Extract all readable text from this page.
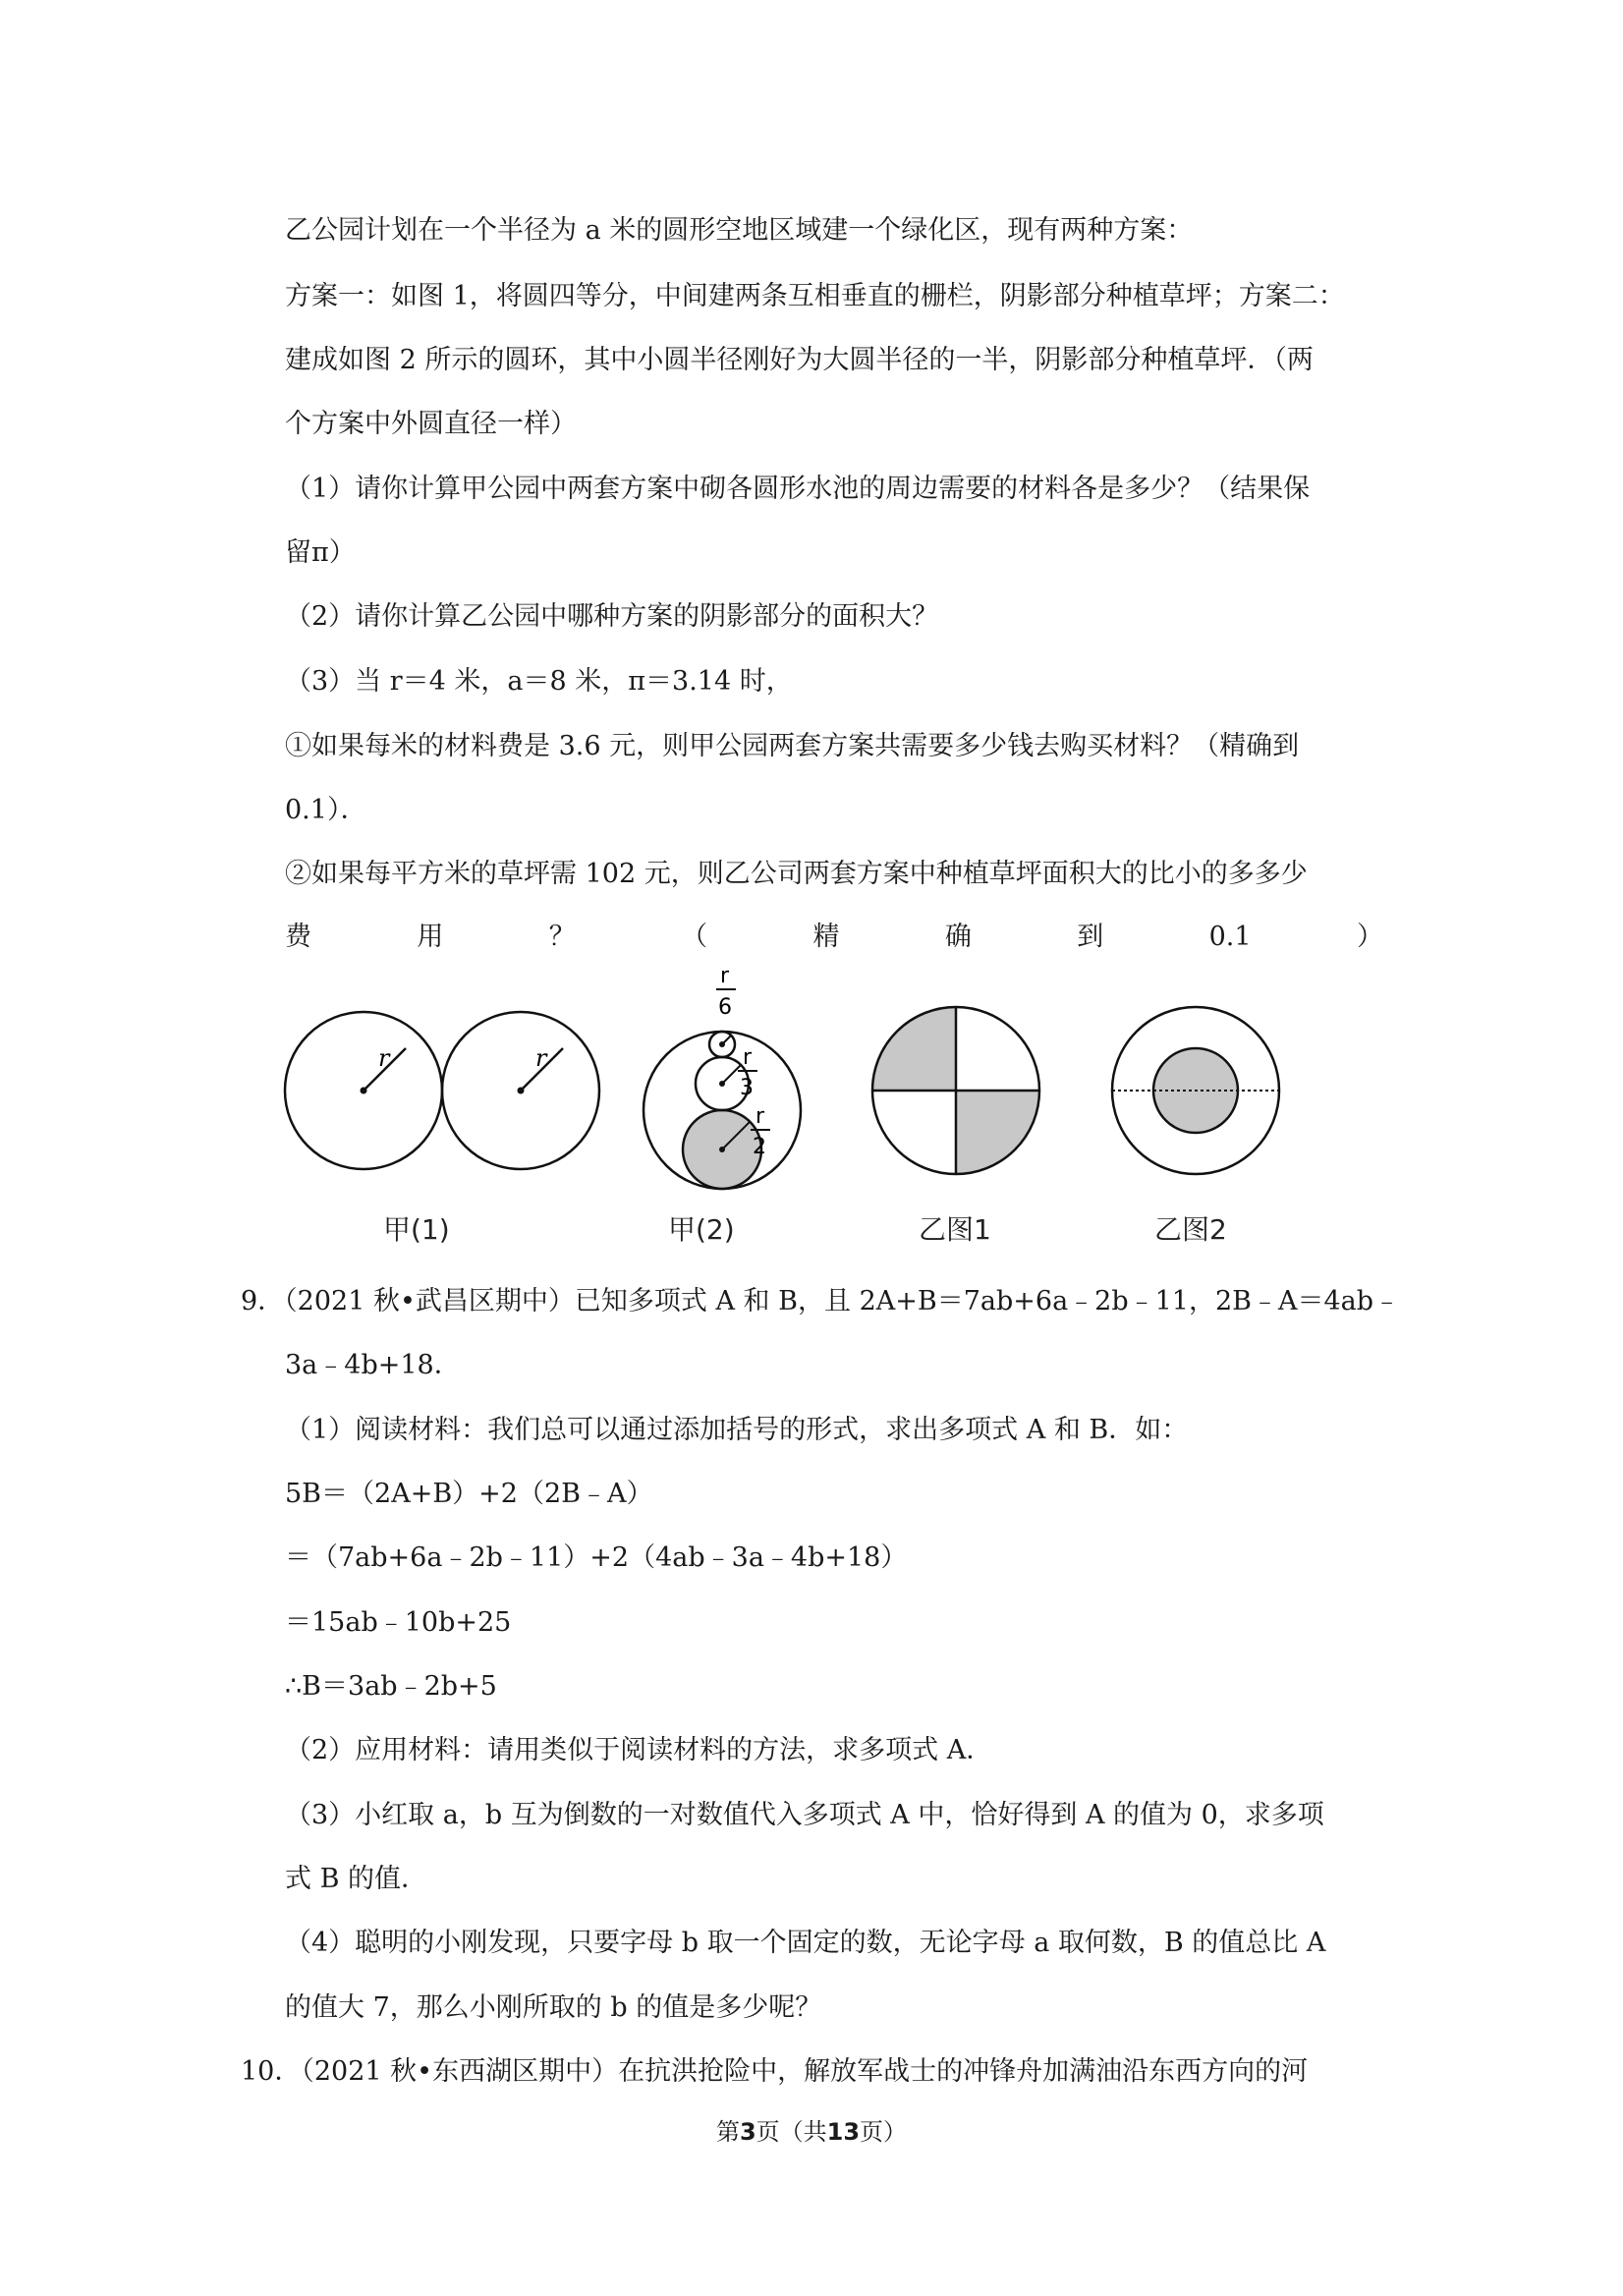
乙公园计划在一个半径为 a 米的圆形空地区域建一个绿化区，现有两种方案：
方案一：如图 1，将圆四等分，中间建两条互相垂直的栅栏，阴影部分种植草坪；方案二：
建成如图 2 所示的圆环，其中小圆半径刚好为大圆半径的一半，阴影部分种植草坪．（两
个方案中外圆直径一样）
（1）请你计算甲公园中两套方案中砌各圆形水池的周边需要的材料各是多少？（结果保
留π）
（2）请你计算乙公园中哪种方案的阴影部分的面积大？
（3）当 r＝4 米，a＝8 米，π＝3.14 时，
①如果每米的材料费是 3.6 元，则甲公园两套方案共需要多少钱去购买材料？（精确到
0.1）．
②如果每平方米的草坪需 102 元，则乙公司两套方案中种植草坪面积大的比小的多多少
费	用	？	（	精	确	到	0.1	）
r	r
甲(1)
r
6
r
3
r
2
甲(2)	乙图1	乙图2
9．（2021 秋•武昌区期中）已知多项式 A 和 B，且 2A+B＝7ab+6a﹣2b﹣11，2B﹣A＝4ab﹣
3a﹣4b+18．
（1）阅读材料：我们总可以通过添加括号的形式，求出多项式 A 和 B．如：
5B＝（2A+B）+2（2B﹣A）
＝（7ab+6a﹣2b﹣11）+2（4ab﹣3a﹣4b+18）
＝15ab﹣10b+25
∴B＝3ab﹣2b+5
（2）应用材料：请用类似于阅读材料的方法，求多项式 A．
（3）小红取 a，b 互为倒数的一对数值代入多项式 A 中，恰好得到 A 的值为 0，求多项
式 B 的值．
（4）聪明的小刚发现，只要字母 b 取一个固定的数，无论字母 a 取何数，B 的值总比 A
的值大 7，那么小刚所取的 b 的值是多少呢？
10．（2021 秋•东西湖区期中）在抗洪抢险中，解放军战士的冲锋舟加满油沿东西方向的河
第3页（共13页）
